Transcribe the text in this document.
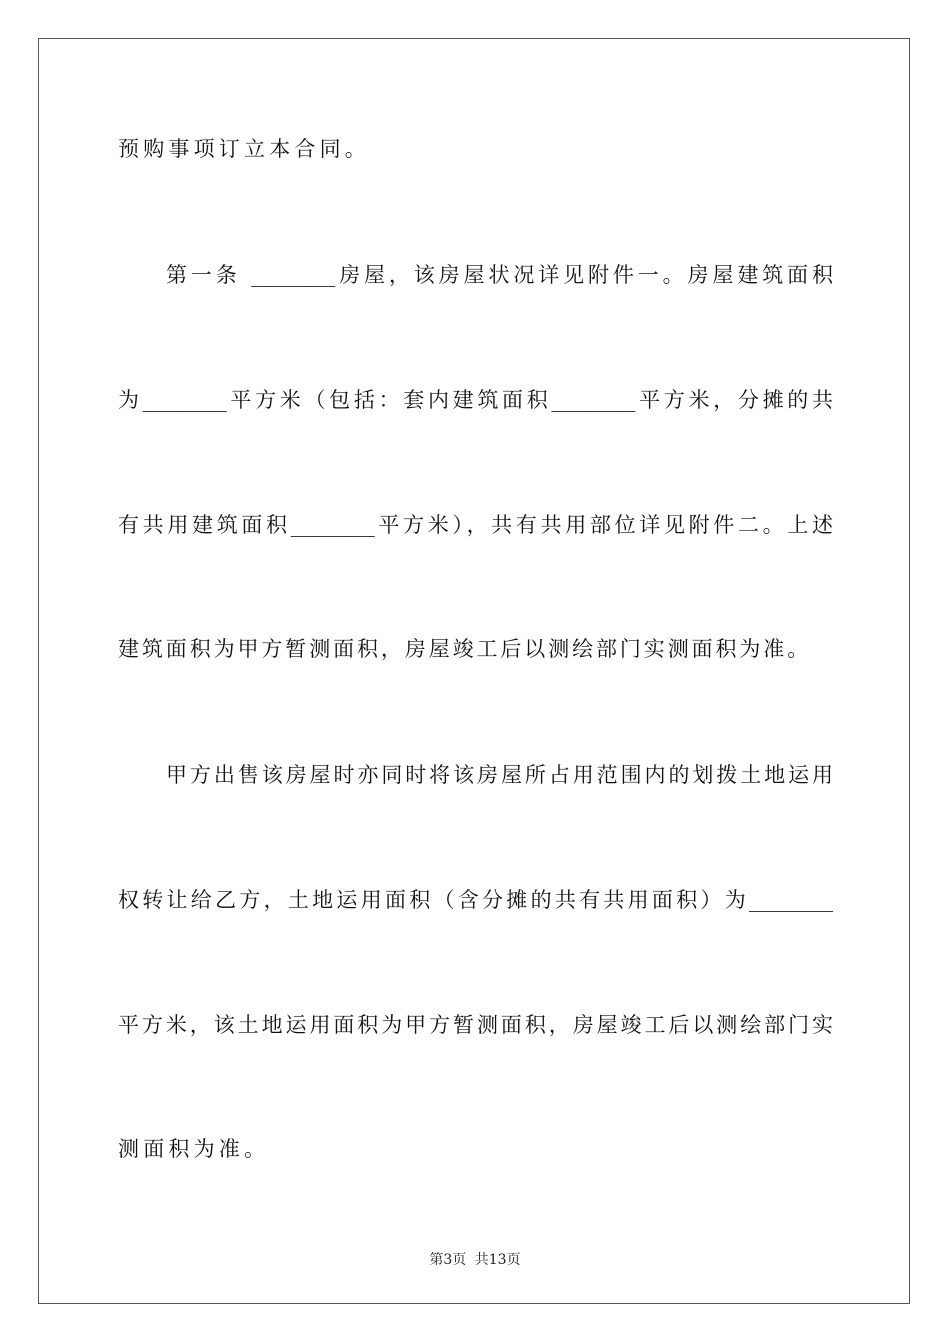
预购事项订立本合同。
第一条 ________房屋，该房屋状况详见附件一。房屋建筑面积
为________平方米（包括：套内建筑面积________平方米，分摊的共
有共用建筑面积________平方米），共有共用部位详见附件二。上述
建筑面积为甲方暂测面积，房屋竣工后以测绘部门实测面积为准。
甲方出售该房屋时亦同时将该房屋所占用范围内的划拨土地运用
权转让给乙方，土地运用面积（含分摊的共有共用面积）为________
平方米，该土地运用面积为甲方暂测面积，房屋竣工后以测绘部门实
测面积为准。
第3页 共13页
